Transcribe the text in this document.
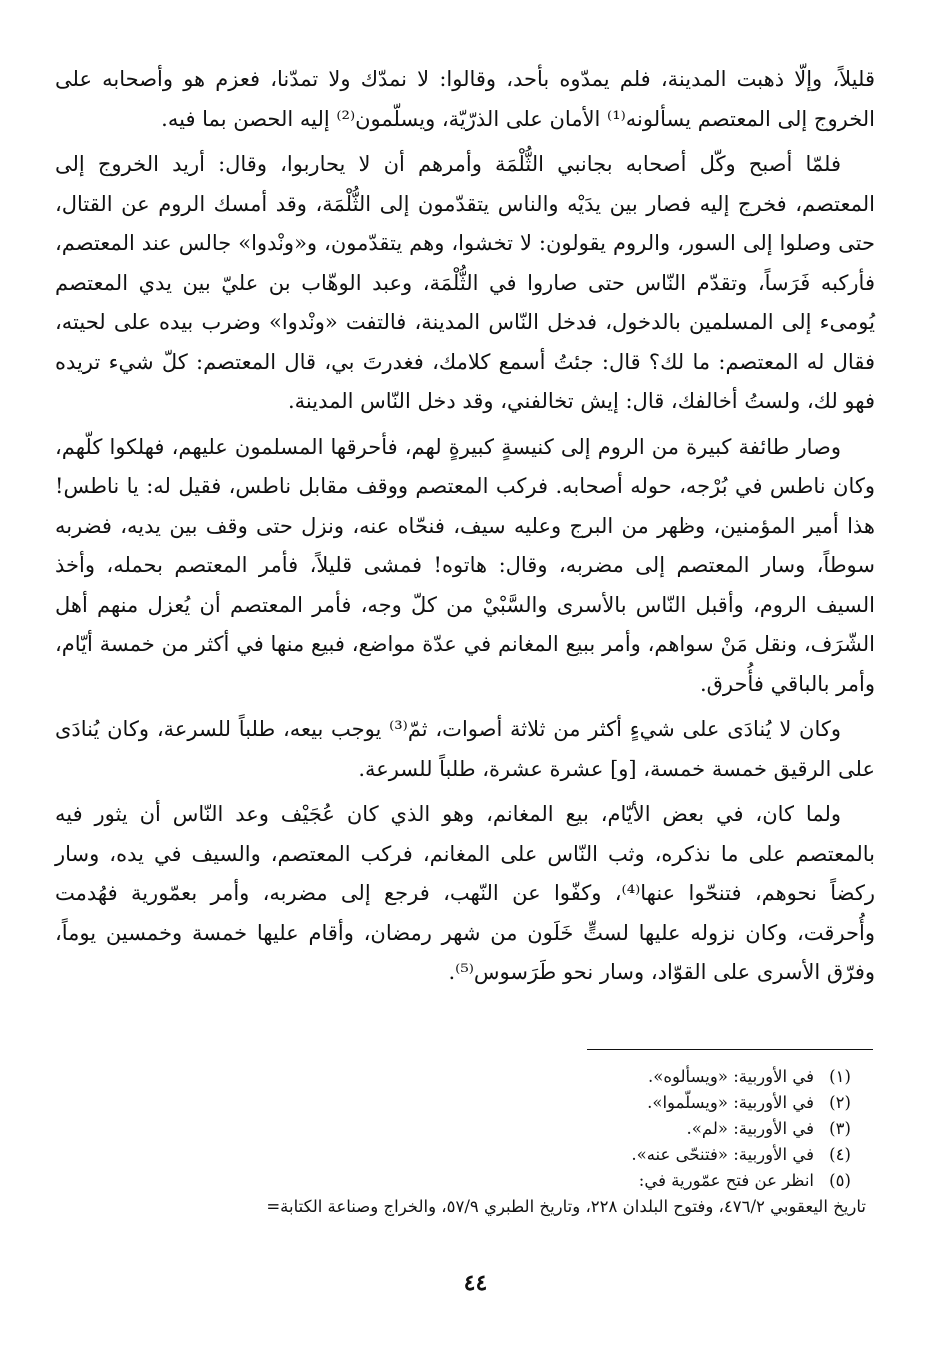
قليلاً، وإلّا ذهبت المدينة، فلم يمدّوه بأحد، وقالوا: لا نمدّك ولا تمدّنا، فعزم هو وأصحابه على الخروج إلى المعتصم يسألونه⁽¹⁾ الأمان على الذرّيّة، ويسلّمون⁽²⁾ إليه الحصن بما فيه.

فلمّا أصبح وكّل أصحابه بجانبي الثُّلْمَة وأمرهم أن لا يحاربوا، وقال: أريد الخروج إلى المعتصم، فخرج إليه فصار بين يدَيْه والناس يتقدّمون إلى الثُّلْمَة، وقد أمسك الروم عن القتال، حتى وصلوا إلى السور، والروم يقولون: لا تخشوا، وهم يتقدّمون، و«ونْدوا» جالس عند المعتصم، فأركبه فَرَساً، وتقدّم النّاس حتى صاروا في الثُّلْمَة، وعبد الوهّاب بن عليّ بين يدي المعتصم يُومىء إلى المسلمين بالدخول، فدخل النّاس المدينة، فالتفت «ونْدوا» وضرب بيده على لحيته، فقال له المعتصم: ما لك؟ قال: جئتُ أسمع كلامك، فغدرتَ بي، قال المعتصم: كلّ شيء تريده فهو لك، ولستُ أخالفك، قال: إيش تخالفني، وقد دخل النّاس المدينة.

وصار طائفة كبيرة من الروم إلى كنيسةٍ كبيرةٍ لهم، فأحرقها المسلمون عليهم، فهلكوا كلّهم، وكان ناطس في بُرْجه، حوله أصحابه. فركب المعتصم ووقف مقابل ناطس، فقيل له: يا ناطس! هذا أمير المؤمنين، وظهر من البرج وعليه سيف، فنحّاه عنه، ونزل حتى وقف بين يديه، فضربه سوطاً، وسار المعتصم إلى مضربه، وقال: هاتوه! فمشى قليلاً، فأمر المعتصم بحمله، وأخذ السيف الروم، وأقبل النّاس بالأسرى والسَّبْيْ من كلّ وجه، فأمر المعتصم أن يُعزل منهم أهل الشّرَف، ونقل مَنْ سواهم، وأمر ببيع المغانم في عدّة مواضع، فبيع منها في أكثر من خمسة أيّام، وأمر بالباقي فأُحرق.

وكان لا يُنادَى على شيءٍ أكثر من ثلاثة أصوات، ثمّ⁽³⁾ يوجب بيعه، طلباً للسرعة، وكان يُنادَى على الرقيق خمسة خمسة، [و] عشرة عشرة، طلباً للسرعة.

ولما كان، في بعض الأيّام، بيع المغانم، وهو الذي كان عُجَيْف وعد النّاس أن يثور فيه بالمعتصم على ما نذكره، وثب النّاس على المغانم، فركب المعتصم، والسيف في يده، وسار ركضاً نحوهم، فتنحّوا عنها⁽⁴⁾، وكفّوا عن النّهب، فرجع إلى مضربه، وأمر بعمّورية فهُدمت وأُحرقت، وكان نزوله عليها لستٍّ خَلَون من شهر رمضان، وأقام عليها خمسة وخمسين يوماً، وفرّق الأسرى على القوّاد، وسار نحو طَرَسوس⁽⁵⁾.

(١)
في الأوربية: «ويسألوه».
(٢)
في الأوربية: «ويسلّموا».
(٣)
في الأوربية: «لم».
(٤)
في الأوربية: «فتنحّى عنه».
(٥)
انظر عن فتح عمّورية في:
تاريخ اليعقوبي ٤٧٦/٢، وفتوح البلدان ٢٢٨، وتاريخ الطبري ٥٧/٩، والخراج وصناعة الكتابة=
٤٤
